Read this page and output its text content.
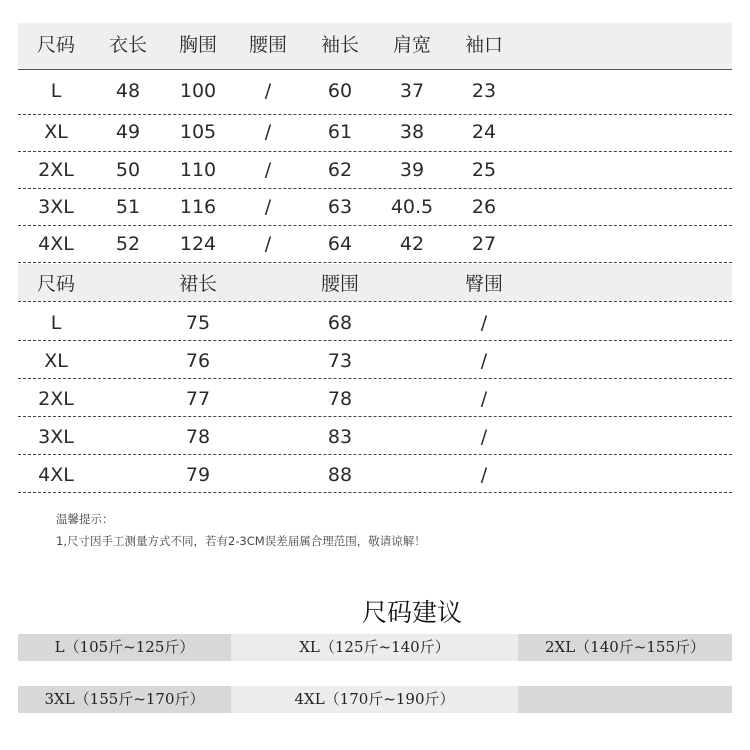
尺码	衣长	胸围	腰围	袖长	肩宽	袖口
L	48	100	/	60	37	23
XL	49	105	/	61	38	24
2XL	50	110	/	62	39	25
3XL	51	116	/	63	40.5	26
4XL	52	124	/	64	42	27
尺码	裙长	腰围	臀围
L	75	68	/
XL	76	73	/
2XL	77	78	/
3XL	78	83	/
4XL	79	88	/
温馨提示：
1,尺寸因手工测量方式不同，若有2-3CM误差届属合理范围，敬请谅解！
尺码建议
L（105斤~125斤）	XL（125斤~140斤）	2XL（140斤~155斤）
3XL（155斤~170斤）	4XL（170斤~190斤）
